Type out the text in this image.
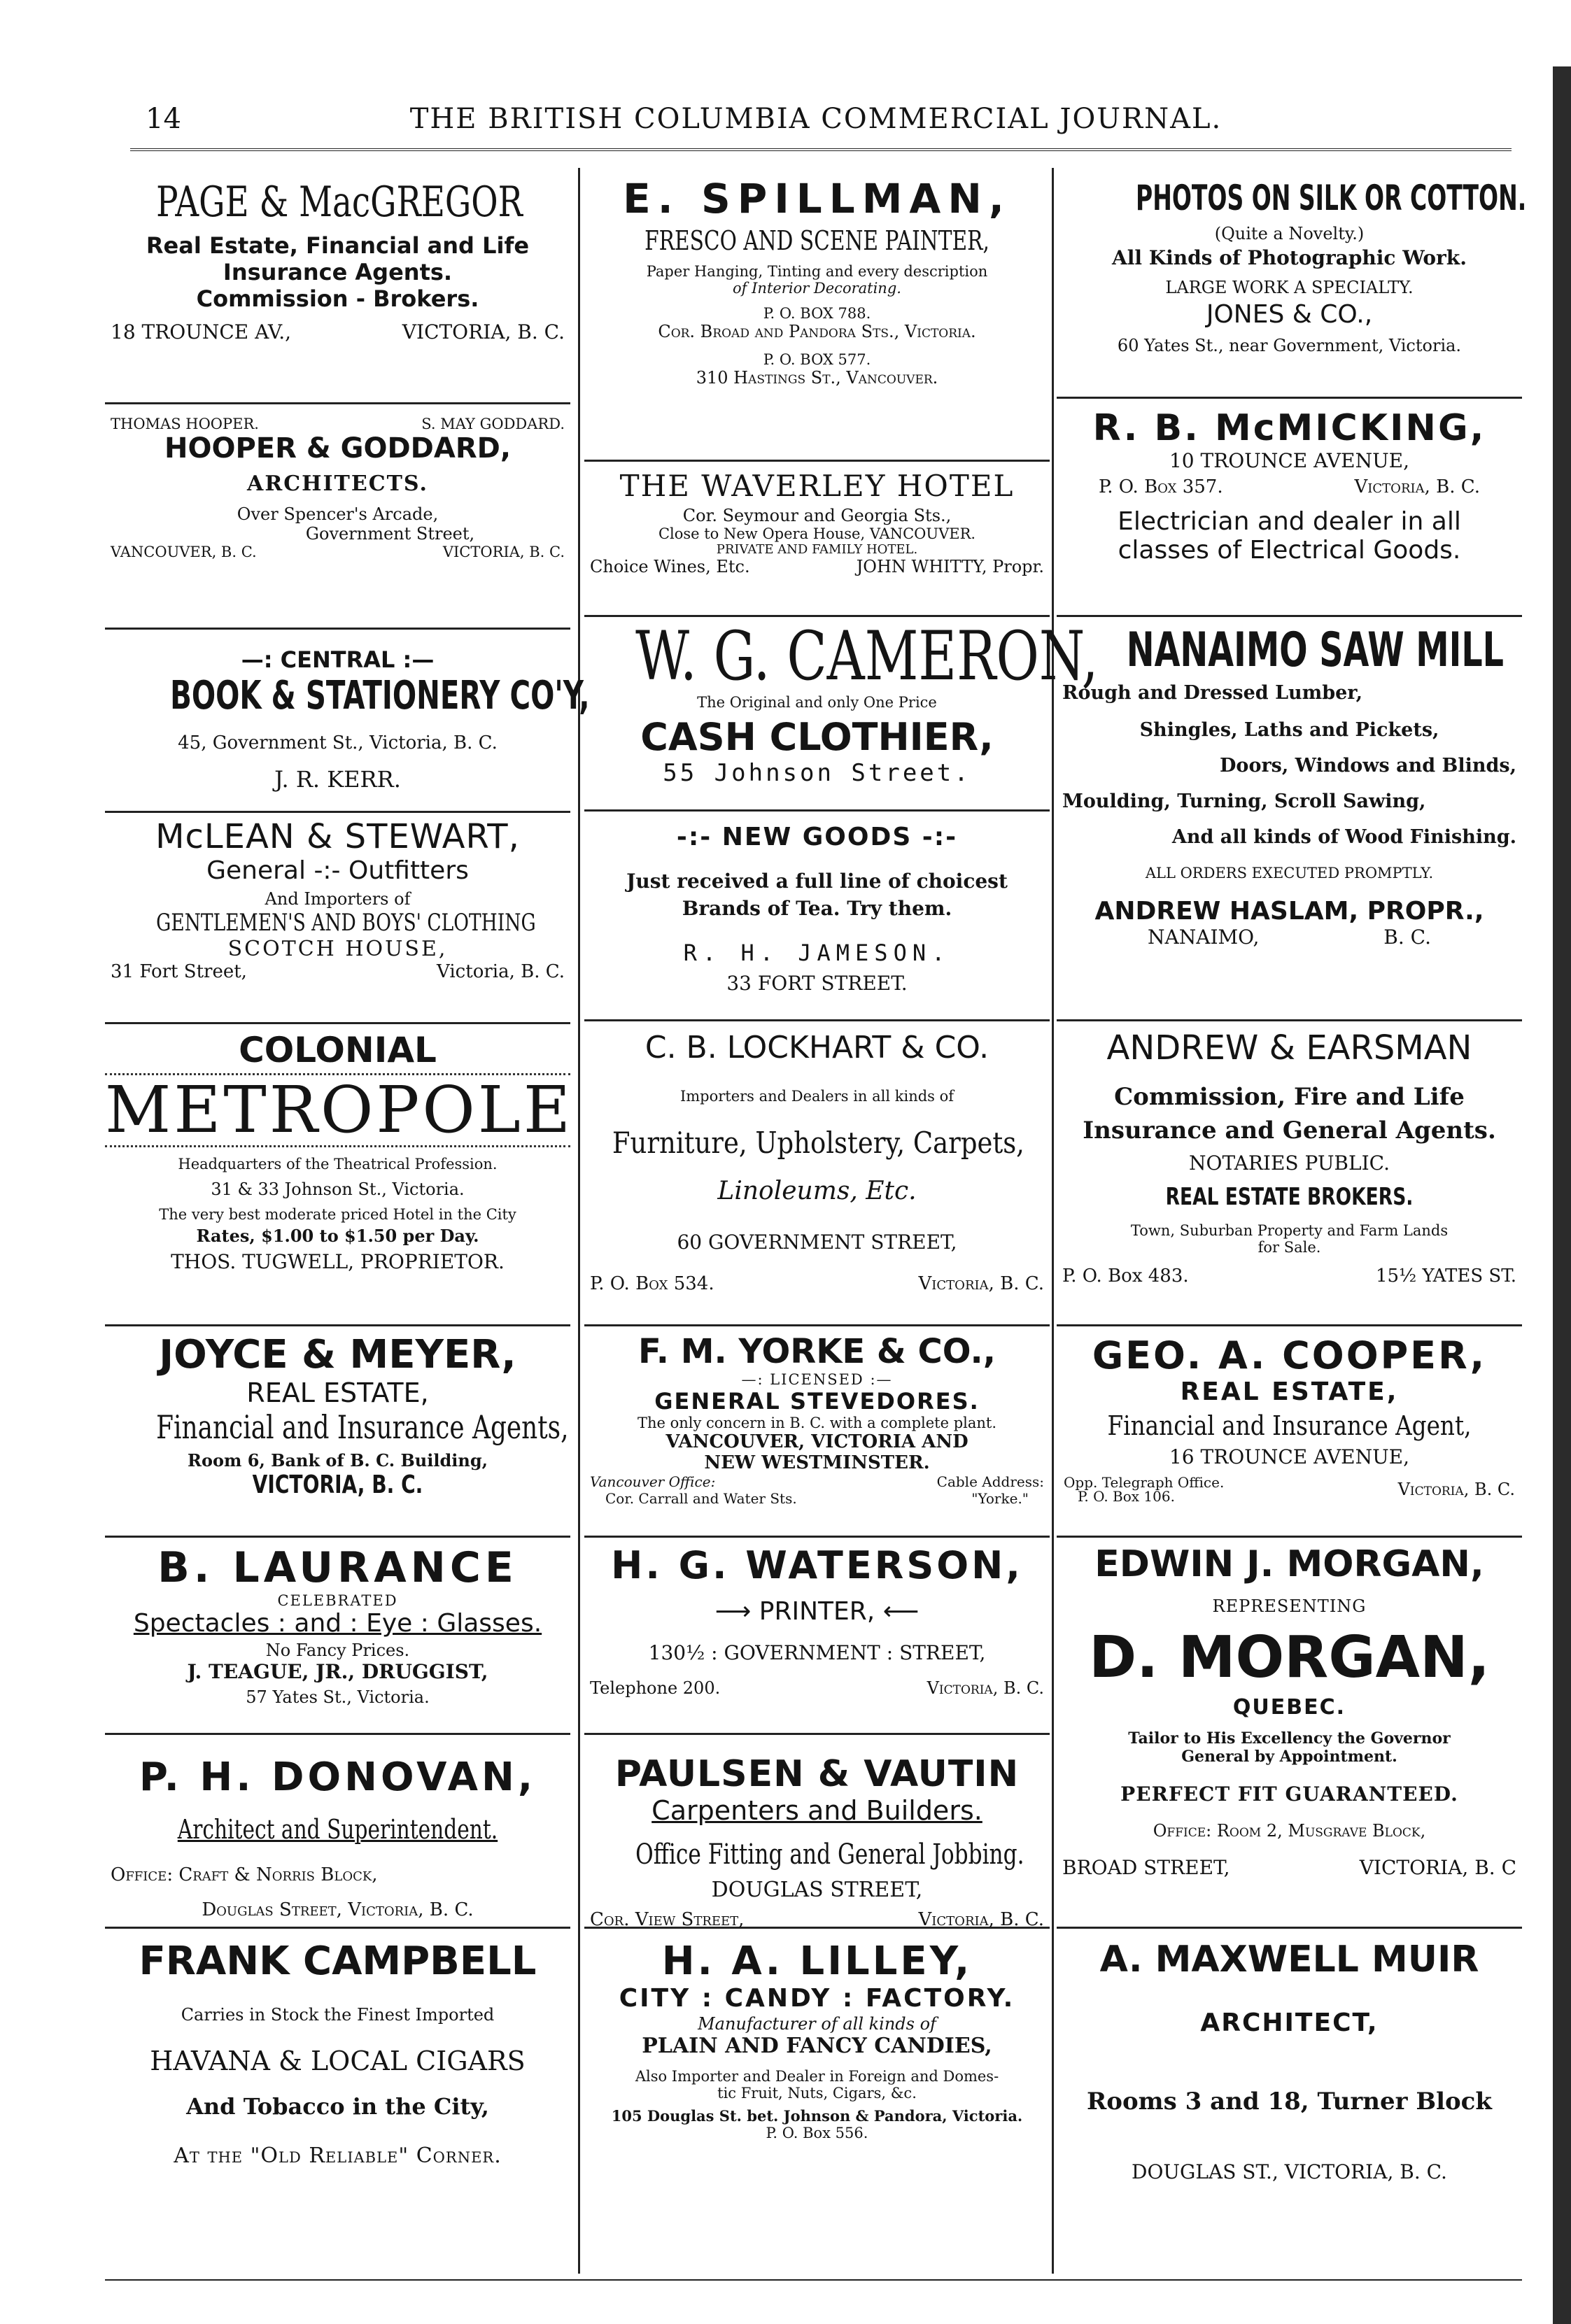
14	THE BRITISH COLUMBIA COMMERCIAL JOURNAL.
PAGE & MacGREGOR
Real Estate, Financial and Life
Insurance Agents.
Commission - Brokers.
18 TROUNCE AV.,	VICTORIA, B. C.
THOMAS HOOPER.	S. MAY GODDARD.
HOOPER & GODDARD,
ARCHITECTS.
Over Spencer's Arcade,
Government Street,
VANCOUVER, B. C.	VICTORIA, B. C.
—: CENTRAL :—
BOOK & STATIONERY CO'Y,
45, Government St., Victoria, B. C.
J. R. KERR.
McLEAN & STEWART,
General -:- Outfitters
And Importers of
GENTLEMEN'S AND BOYS' CLOTHING
SCOTCH HOUSE,
31 Fort Street,	Victoria, B. C.
COLONIAL
METROPOLE
Headquarters of the Theatrical Profession.
31 & 33 Johnson St., Victoria.
The very best moderate priced Hotel in the City
Rates, $1.00 to $1.50 per Day.
THOS. TUGWELL, PROPRIETOR.
JOYCE & MEYER,
REAL ESTATE,
Financial and Insurance Agents,
Room 6, Bank of B. C. Building,
VICTORIA, B. C.
B. LAURANCE
CELEBRATED
Spectacles : and : Eye : Glasses.
No Fancy Prices.
J. TEAGUE, JR., DRUGGIST,
57 Yates St., Victoria.
P. H. DONOVAN,
Architect and Superintendent.
Office: Craft & Norris Block,
Douglas Street, Victoria, B. C.
FRANK CAMPBELL
Carries in Stock the Finest Imported
HAVANA & LOCAL CIGARS
And Tobacco in the City,
At the "Old Reliable" Corner.
E. SPILLMAN,
FRESCO AND SCENE PAINTER,
Paper Hanging, Tinting and every description
of Interior Decorating.
P. O. BOX 788.
Cor. Broad and Pandora Sts., Victoria.
P. O. BOX 577.
310 Hastings St., Vancouver.
THE WAVERLEY HOTEL
Cor. Seymour and Georgia Sts.,
Close to New Opera House, VANCOUVER.
PRIVATE AND FAMILY HOTEL.
Choice Wines, Etc.	JOHN WHITTY, Propr.
W. G. CAMERON,
The Original and only One Price
CASH CLOTHIER,
55 Johnson Street.
-:- NEW GOODS -:-
Just received a full line of choicest
Brands of Tea. Try them.
R. H. JAMESON.
33 FORT STREET.
C. B. LOCKHART & CO.
Importers and Dealers in all kinds of
Furniture, Upholstery, Carpets,
Linoleums, Etc.
60 GOVERNMENT STREET,
P. O. Box 534.	Victoria, B. C.
F. M. YORKE & CO.,
—: LICENSED :—
GENERAL STEVEDORES.
The only concern in B. C. with a complete plant.
VANCOUVER, VICTORIA AND
NEW WESTMINSTER.
Vancouver Office:	Cable Address:
Cor. Carrall and Water Sts.	"Yorke."
H. G. WATERSON,
⟶ PRINTER, ⟵
130½ : GOVERNMENT : STREET,
Telephone 200.	Victoria, B. C.
PAULSEN & VAUTIN
Carpenters and Builders.
Office Fitting and General Jobbing.
DOUGLAS STREET,
Cor. View Street,	Victoria, B. C.
H. A. LILLEY,
CITY : CANDY : FACTORY.
Manufacturer of all kinds of
PLAIN AND FANCY CANDIES,
Also Importer and Dealer in Foreign and Domes-
tic Fruit, Nuts, Cigars, &c.
105 Douglas St. bet. Johnson & Pandora, Victoria.
P. O. Box 556.
PHOTOS ON SILK OR COTTON.
(Quite a Novelty.)
All Kinds of Photographic Work.
LARGE WORK A SPECIALTY.
JONES & CO.,
60 Yates St., near Government, Victoria.
R. B. McMICKING,
10 TROUNCE AVENUE,
P. O. Box 357.	Victoria, B. C.
Electrician and dealer in all
classes of Electrical Goods.
NANAIMO SAW MILL
Rough and Dressed Lumber,
Shingles, Laths and Pickets,
Doors, Windows and Blinds,
Moulding, Turning, Scroll Sawing,
And all kinds of Wood Finishing.
ALL ORDERS EXECUTED PROMPTLY.
ANDREW HASLAM, PROPR.,
NANAIMO,	B. C.
ANDREW & EARSMAN
Commission, Fire and Life
Insurance and General Agents.
NOTARIES PUBLIC.
REAL ESTATE BROKERS.
Town, Suburban Property and Farm Lands
for Sale.
P. O. Box 483.	15½ YATES ST.
GEO. A. COOPER,
REAL ESTATE,
Financial and Insurance Agent,
16 TROUNCE AVENUE,
Opp. Telegraph Office.
P. O. Box 106.	Victoria, B. C.
EDWIN J. MORGAN,
REPRESENTING
D. MORGAN,
QUEBEC.
Tailor to His Excellency the Governor
General by Appointment.
PERFECT FIT GUARANTEED.
Office: Room 2, Musgrave Block,
BROAD STREET,	VICTORIA, B. C
A. MAXWELL MUIR
ARCHITECT,
Rooms 3 and 18, Turner Block
DOUGLAS ST., VICTORIA, B. C.
